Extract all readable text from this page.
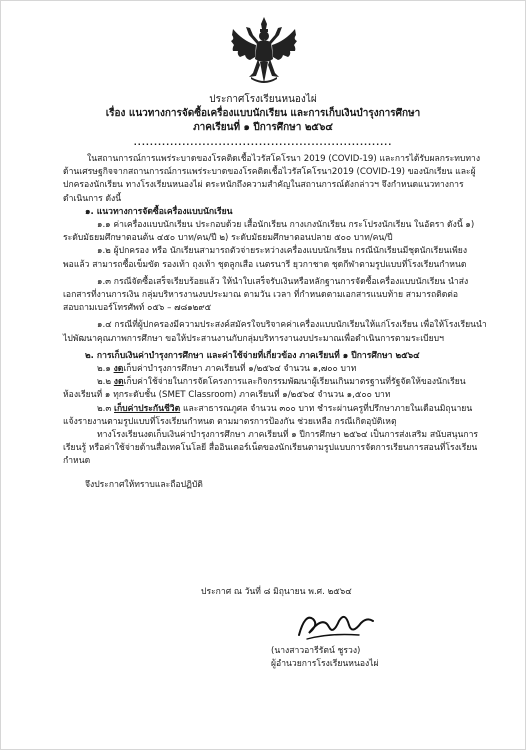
ประกาศโรงเรียนหนองไผ่
เรื่อง แนวทางการจัดซื้อเครื่องแบบนักเรียน และการเก็บเงินบำรุงการศึกษา
ภาคเรียนที่ ๑ ปีการศึกษา ๒๕๖๔
................................................................

ในสถานการณ์การแพร่ระบาดของโรคติดเชื้อไวรัสโคโรนา 2019 (COVID-19) และการได้รับผลกระทบทางด้านเศรษฐกิจจากสถานการณ์การแพร่ระบาดของโรคติดเชื้อไวรัสโคโรนา2019 (COVID-19) ของนักเรียน และผู้ปกครองนักเรียน ทางโรงเรียนหนองไผ่ ตระหนักถึงความสำคัญในสถานการณ์ดังกล่าวฯ จึงกำหนดแนวทางการดำเนินการ ดังนี้

๑. แนวทางการจัดซื้อเครื่องแบบนักเรียน

๑.๑ ค่าเครื่องแบบนักเรียน ประกอบด้วย เสื้อนักเรียน กางเกงนักเรียน กระโปรงนักเรียน ในอัตรา ดังนี้ ๑) ระดับมัธยมศึกษาตอนต้น ๔๕๐ บาท/คน/ปี ๒) ระดับมัธยมศึกษาตอนปลาย ๕๐๐ บาท/คน/ปี

๑.๒ ผู้ปกครอง หรือ นักเรียนสามารถตัวจ่ายระหว่างเครื่องแบบนักเรียน กรณีนักเรียนมีชุดนักเรียนเพียงพอแล้ว สามารถซื้อเข็มขัด รองเท้า ถุงเท้า ชุดลูกเสือ เนตรนารี ยุวกาชาด ชุดกีฬาตามรูปแบบที่โรงเรียนกำหนด

๑.๓ กรณีจัดซื้อเสร็จเรียบร้อยแล้ว ให้นำใบเสร็จรับเงินหรือหลักฐานการจัดซื้อเครื่องแบบนักเรียน นำส่งเอกสารที่งานการเงิน กลุ่มบริหารงานงบประมาณ ตามวัน เวลา ที่กำหนดตามเอกสารแนบท้าย สามารถติดต่อสอบถามเบอร์โทรศัพท์ ๐๕๖ – ๗๘๑๒๙๕

๑.๔ กรณีที่ผู้ปกครองมีความประสงค์สมัครใจบริจาคค่าเครื่องแบบนักเรียนให้แก่โรงเรียน เพื่อให้โรงเรียนนำไปพัฒนาคุณภาพการศึกษา ขอให้ประสานงานกับกลุ่มบริหารงานงบประมาณเพื่อดำเนินการตามระเบียบฯ

๒. การเก็บเงินค่าบำรุงการศึกษา และค่าใช้จ่ายที่เกี่ยวข้อง ภาคเรียนที่ ๑ ปีการศึกษา ๒๕๖๔

๒.๑ งดเก็บค่าบำรุงการศึกษา ภาคเรียนที่ ๑/๒๕๖๔ จำนวน ๑,๗๐๐ บาท

๒.๒ งดเก็บค่าใช้จ่ายในการจัดโครงการและกิจกรรมพัฒนาผู้เรียนเกินมาตรฐานที่รัฐจัดให้ของนักเรียนห้องเรียนที่ ๑ ทุกระดับชั้น (SMET Classroom) ภาคเรียนที่ ๑/๒๕๖๔ จำนวน ๑,๕๐๐ บาท

๒.๓ เก็บค่าประกันชีวิต และสาธารณภูศล จำนวน ๓๐๐ บาท ชำระผ่านครูที่ปรึกษาภายในเดือนมิถุนายน แจ้งรายงานตามรูปแบบที่โรงเรียนกำหนด ตามมาตรการป้องกัน ช่วยเหลือ กรณีเกิดอุบัติเหตุ

ทางโรงเรียนงดเก็บเงินค่าบำรุงการศึกษา ภาคเรียนที่ ๑ ปีการศึกษา ๒๕๖๔ เป็นการส่งเสริม สนับสนุนการเรียนรู้ หรือค่าใช้จ่ายด้านสื่อเทคโนโลยี สื่ออินเตอร์เน็ตของนักเรียนตามรูปแบบการจัดการเรียนการสอนที่โรงเรียนกำหนด

จึงประกาศให้ทราบและถือปฏิบัติ

ประกาศ ณ วันที่ ๘ มิถุนายน พ.ศ. ๒๕๖๔
(นางสาวอารีรัตน์ ชูรวง)
ผู้อำนวยการโรงเรียนหนองไผ่
